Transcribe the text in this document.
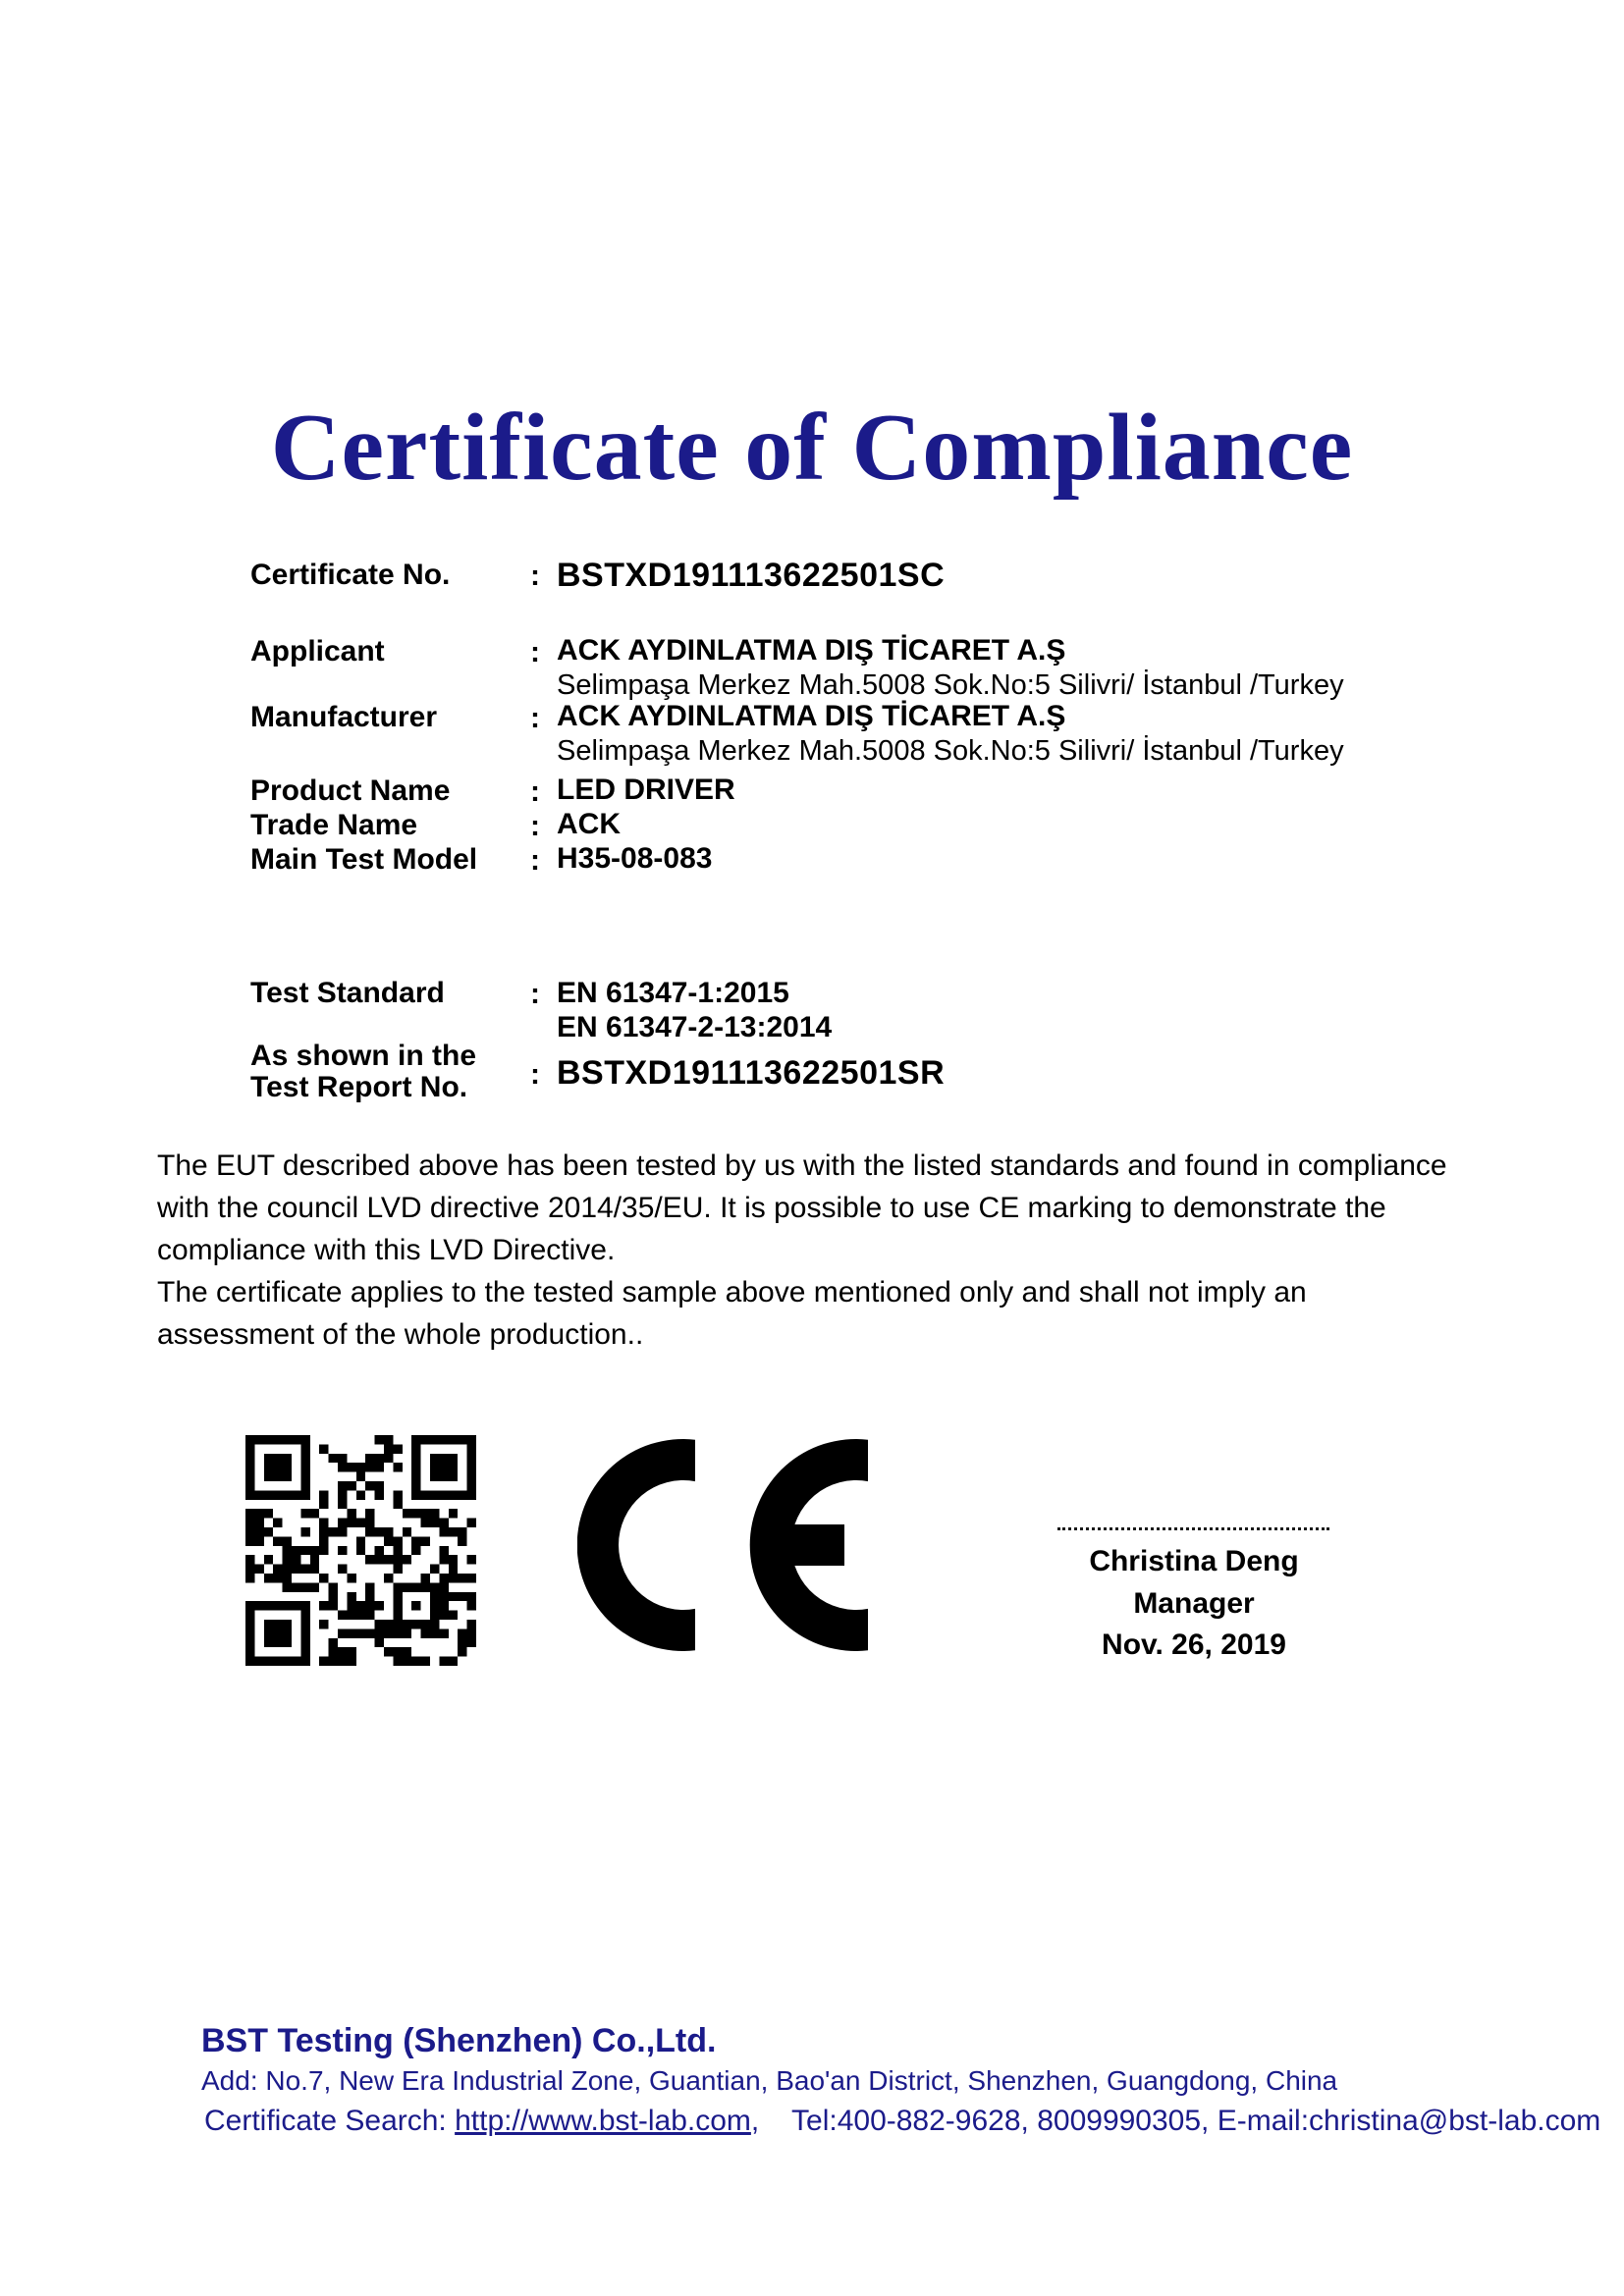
Certificate of Compliance
Certificate No.	: BSTXD191113622501SC
Applicant	: ACK AYDINLATMA DIŞ TİCARET A.Ş
Selimpaşa Merkez Mah.5008 Sok.No:5 Silivri/ İstanbul /Turkey
Manufacturer	: ACK AYDINLATMA DIŞ TİCARET A.Ş
Selimpaşa Merkez Mah.5008 Sok.No:5 Silivri/ İstanbul /Turkey
Product Name	: LED DRIVER
Trade Name	: ACK
Main Test Model : H35-08-083
Test Standard	: EN 61347-1:2015
EN 61347-2-13:2014
As shown in the
Test Report No. : BSTXD191113622501SR

The EUT described above has been tested by us with the listed standards and found in compliance with the council LVD directive 2014/35/EU. It is possible to use CE marking to demonstrate the compliance with this LVD Directive.

The certificate applies to the tested sample above mentioned only and shall not imply an assessment of the whole production..

Christina Deng
Manager
Nov. 26, 2019
BST Testing (Shenzhen) Co.,Ltd.
Add: No.7, New Era Industrial Zone, Guantian, Bao'an District, Shenzhen, Guangdong, China
Certificate Search: http://www.bst-lab.com,    Tel:400-882-9628, 8009990305, E-mail:christina@bst-lab.com
